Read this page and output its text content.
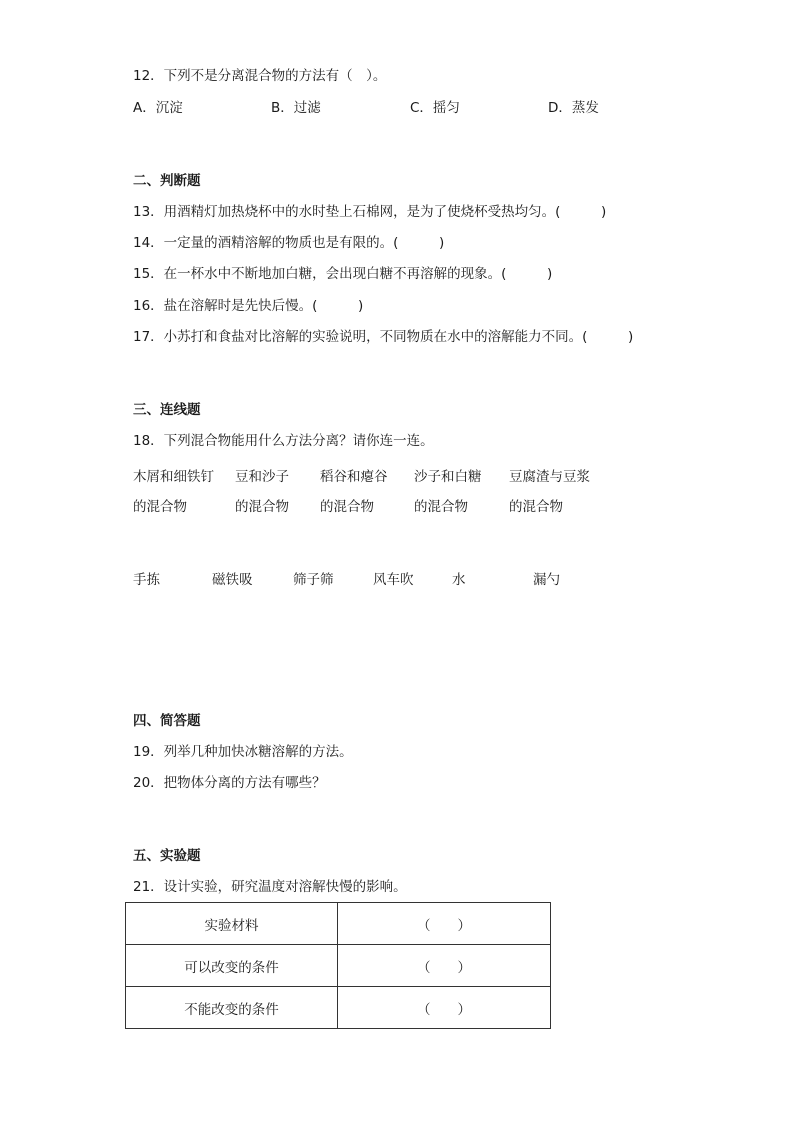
12．下列不是分离混合物的方法有（　）。
A．沉淀	B．过滤	C．摇匀	D．蒸发
二、判断题
13．用酒精灯加热烧杯中的水时垫上石棉网，是为了使烧杯受热均匀。(　　　)
14．一定量的酒精溶解的物质也是有限的。(　　　)
15．在一杯水中不断地加白糖，会出现白糖不再溶解的现象。(　　　)
16．盐在溶解时是先快后慢。(　　　)
17．小苏打和食盐对比溶解的实验说明，不同物质在水中的溶解能力不同。(　　　)
三、连线题
18．下列混合物能用什么方法分离？请你连一连。
木屑和细铁钉 豆和沙子 稻谷和瘪谷 沙子和白糖 豆腐渣与豆浆
的混合物	的混合物 的混合物	的混合物	的混合物
手拣	磁铁吸	筛子筛	风车吹	水	漏勺
四、简答题
19．列举几种加快冰糖溶解的方法。
20．把物体分离的方法有哪些？
五、实验题
21．设计实验，研究温度对溶解快慢的影响。
实验材料	（　　）
可以改变的条件	（　　）
不能改变的条件	（　　）
